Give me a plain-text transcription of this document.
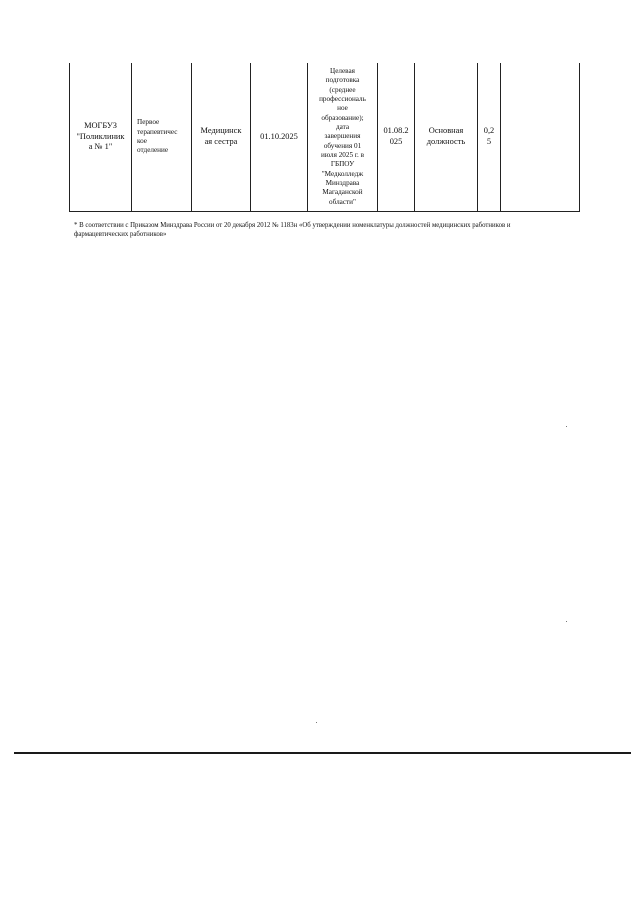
МОГБУЗ
"Поликлиник
а № 1"
Первое
терапевтичес
кое
отделение
Медицинск
ая сестра
01.10.2025
Целевая
подготовка
(среднее
профессиональ
ное
образование);
дата
завершения
обучения 01
июля 2025 г. в
ГБПОУ
"Медколледж
Минздрава
Магаданской
области"
01.08.2
025
Основная
должность
0,2
5
* В соответствии с Приказом Минздрава России от 20 декабря 2012 № 1183н «Об утверждении номенклатуры должностей медицинских работников и фармацевтических работников»
